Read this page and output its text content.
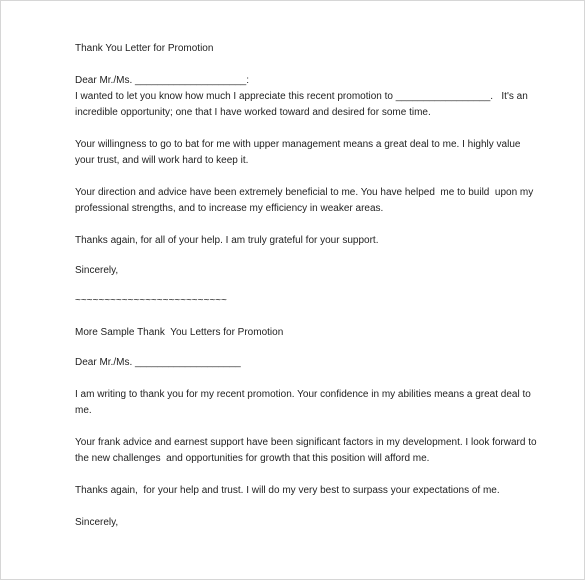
Thank You Letter for Promotion

Dear Mr./Ms. ____________________:

I wanted to let you know how much I appreciate this recent promotion to _________________.   It's an

incredible opportunity; one that I have worked toward and desired for some time.

Your willingness to go to bat for me with upper management means a great deal to me. I highly value

your trust, and will work hard to keep it.

Your direction and advice have been extremely beneficial to me. You have helped  me to build  upon my

professional strengths, and to increase my efficiency in weaker areas.

Thanks again, for all of your help. I am truly grateful for your support.

Sincerely,

~~~~~~~~~~~~~~~~~~~~~~~~~~

More Sample Thank  You Letters for Promotion

Dear Mr./Ms. ___________________

I am writing to thank you for my recent promotion. Your confidence in my abilities means a great deal to me.

Your frank advice and earnest support have been significant factors in my development. I look forward to

the new challenges  and opportunities for growth that this position will afford me.

Thanks again,  for your help and trust. I will do my very best to surpass your expectations of me.

Sincerely,
